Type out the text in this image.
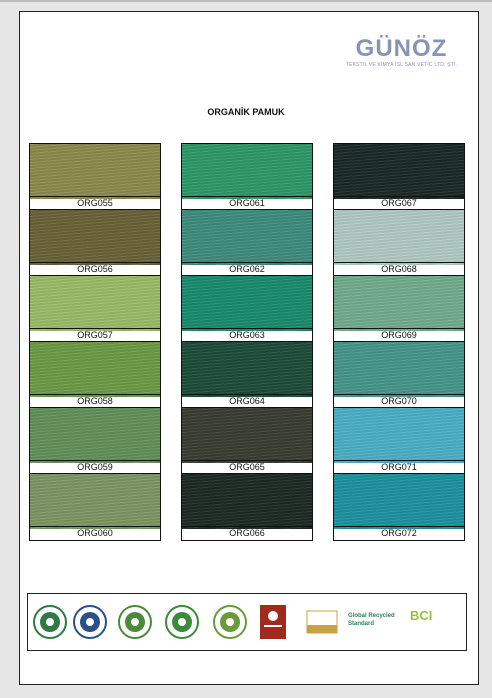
GÜNÖZ
TEKSTİL VE KİMYA İSL SAN VETİC LTD. ŞTİ.
ORGANİK PAMUK
ORG055
ORG056
ORG057
ORG058
ORG059
ORG060
ORG061
ORG062
ORG063
ORG064
ORG065
ORG066
ORG067
ORG068
ORG069
ORG070
ORG071
ORG072
Global Recycled Standard
BCI
